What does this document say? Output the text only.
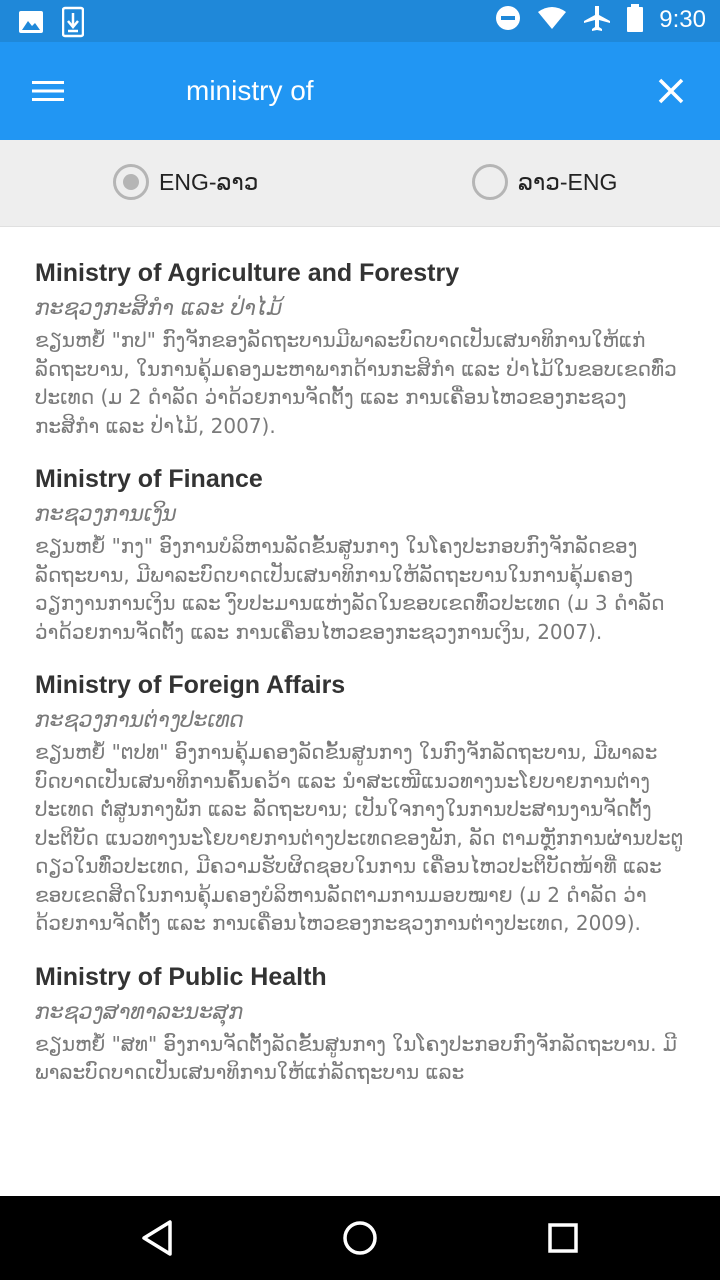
9:30
ministry of
ENG-ລາວ	ລາວ-ENG
Ministry of Agriculture and Forestry
ກະຊວງກະສິກຳ ແລະ ປ່າໄມ້
ຂຽນຫຍໍ້ "ກປ" ກົງຈັກຂອງລັດຖະບານມີພາລະບົດບາດເປັນເສນາທິການໃຫ້ແກ່ລັດຖະບານ, ໃນການຄຸ້ມຄອງມະຫາພາກດ້ານກະສິກຳ ແລະ ປ່າໄມ້ໃນຂອບເຂດທົ່ວປະເທດ (ມ 2 ດຳລັດ ວ່າດ້ວຍການຈັດຕັ້ງ ແລະ ການເຄື່ອນໄຫວຂອງກະຊວງກະສິກຳ ແລະ ປ່າໄມ້, 2007).
Ministry of Finance
ກະຊວງການເງິນ
ຂຽນຫຍໍ້ "ກງ" ອົງການບໍລິຫານລັດຂັ້ນສູນກາງ ໃນໂຄງປະກອບກົງຈັກລັດຂອງລັດຖະບານ, ມີພາລະບົດບາດເປັນເສນາທິການໃຫ້ລັດຖະບານໃນການຄຸ້ມຄອງວຽກງານການເງິນ ແລະ ງົບປະມານແຫ່ງລັດໃນຂອບເຂດທົ່ວປະເທດ (ມ 3 ດຳລັດ ວ່າດ້ວຍການຈັດຕັ້ງ ແລະ ການເຄື່ອນໄຫວຂອງກະຊວງການເງິນ, 2007).
Ministry of Foreign Affairs
ກະຊວງການຕ່າງປະເທດ
ຂຽນຫຍໍ້ "ຕປທ" ອົງການຄຸ້ມຄອງລັດຂັ້ນສູນກາງ ໃນກົງຈັກລັດຖະບານ, ມີພາລະບົດບາດເປັນເສນາທິການຄົ້ນຄວ້າ ແລະ ນຳສະເໜີແນວທາງນະໂຍບາຍການຕ່າງປະເທດ ຕໍ່ສູນກາງພັກ ແລະ ລັດຖະບານ; ເປັນໃຈກາງໃນການປະສານງານຈັດຕັ້ງປະຕິບັດ ແນວທາງນະໂຍບາຍການຕ່າງປະເທດຂອງພັກ, ລັດ ຕາມຫຼັກການຜ່ານປະຕູດຽວໃນທົ່ວປະເທດ, ມີຄວາມຮັບຜິດຊອບໃນການ ເຄື່ອນໄຫວປະຕິບັດໜ້າທີ່ ແລະ ຂອບເຂດສິດໃນການຄຸ້ມຄອງບໍລິຫານລັດຕາມການມອບໝາຍ (ມ 2 ດຳລັດ ວ່າດ້ວຍການຈັດຕັ້ງ ແລະ ການເຄື່ອນໄຫວຂອງກະຊວງການຕ່າງປະເທດ, 2009).
Ministry of Public Health
ກະຊວງສາທາລະນະສຸກ
ຂຽນຫຍໍ້ "ສທ" ອົງການຈັດຕັ້ງລັດຂັ້ນສູນກາງ ໃນໂຄງປະກອບກົງຈັກລັດຖະບານ. ມີພາລະບົດບາດເປັນເສນາທິການໃຫ້ແກ່ລັດຖະບານ ແລະ
